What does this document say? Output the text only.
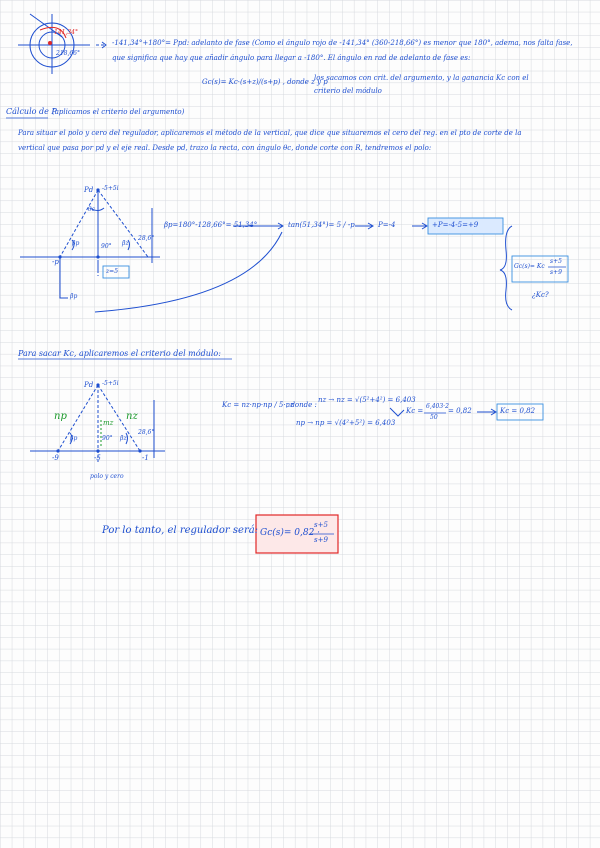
141,34°
218,66°
-141,34°+180°= Ppd: adelanto de fase (Como el ángulo rojo de -141,34° (360-218,66°) es menor que 180°, adema, nos falta fase,
que significa que hay que añadir ángulo para llegar a -180°. El ángulo en rad de adelanto de fase es:
Gc(s)= Kc·(s+z)/(s+p) , donde z y p
los sacamos con crit. del argumento, y la ganancia Kc con el
criterio del módulo
Cálculo de P
(aplicamos el criterio del argumento)
Para situar el polo y cero del regulador, aplicaremos el método de la vertical, que dice que situaremos el cero del reg. en el pto de corte de la
vertical que pasa por pd y el eje real. Desde pd, trazo la recta, con ángulo θc, donde corte con R, tendremos el polo:
Pd -5+5i
θc
βp	βz
90°
28,6°
-p
βp
z=5
βp=180°-128,66°= 51,34°	tan(51,34°)= 5 / -p	P=-4	+P=-4-5=+9
Gc(s)= Kc
s+5
s+9
¿Kc?
Para sacar Kc, aplicaremos el criterio del módulo:
Pd -5+5i
np	nz
mz
βp	βz
28,6°
90°
-9	-5	-1
polo y cero
Kc = nz·np·np / 5·nz
, donde :
nz → nz = √(5²+4²) = 6,403
np → np = √(4²+5²) = 6,403
Kc =
6,403·2
50
= 0,82	Kc = 0,82
Por lo tanto, el regulador será: Gc(s)= 0,82 ·
s+5
s+9
